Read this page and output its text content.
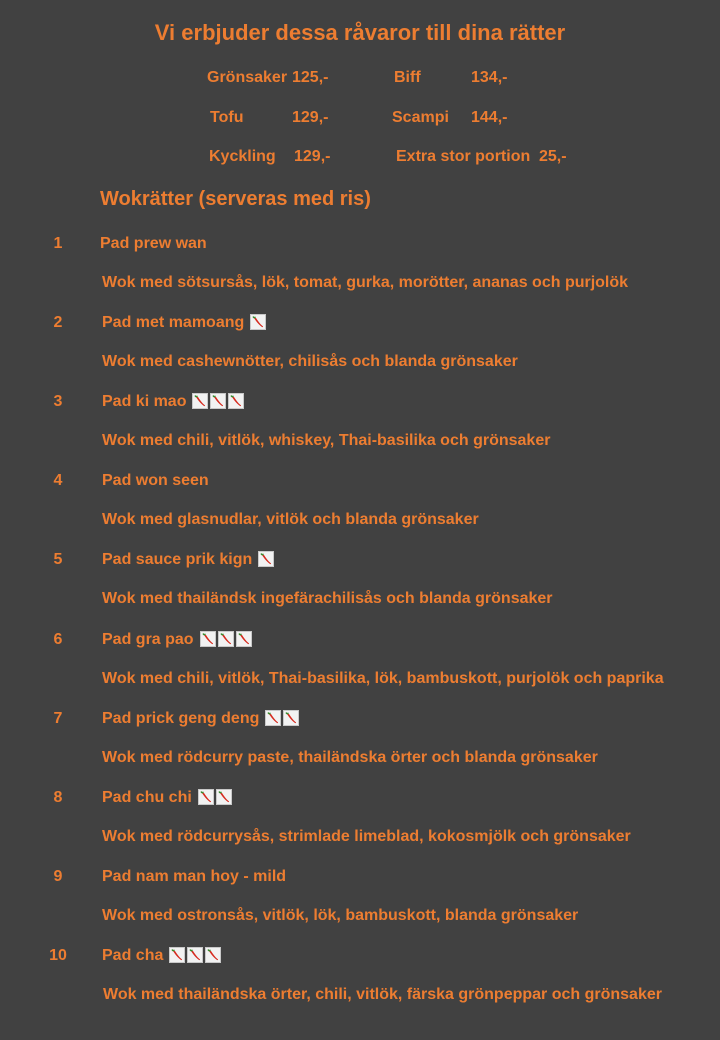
Vi erbjuder dessa råvaror till dina rätter
Grönsaker 125,-	Biff	134,-
Tofu	129,-	Scampi 144,-
Kyckling 129,-	Extra stor portion 25,-
Wokrätter (serveras med ris)
1	Pad prew wan
Wok med sötsursås, lök, tomat, gurka, morötter, ananas och purjolök
2	Pad met mamoang
Wok med cashewnötter, chilisås och blanda grönsaker
3	Pad ki mao
Wok med chili, vitlök, whiskey, Thai-basilika och grönsaker
4	Pad won seen
Wok med glasnudlar, vitlök och blanda grönsaker
5	Pad sauce prik kign
Wok med thailändsk ingefärachilisås och blanda grönsaker
6	Pad gra pao
Wok med chili, vitlök, Thai-basilika, lök, bambuskott, purjolök och paprika
7	Pad prick geng deng
Wok med rödcurry paste, thailändska örter och blanda grönsaker
8	Pad chu chi
Wok med rödcurrysås, strimlade limeblad, kokosmjölk och grönsaker
9	Pad nam man hoy - mild
Wok med ostronsås, vitlök, lök, bambuskott, blanda grönsaker
10	Pad cha
Wok med thailändska örter, chili, vitlök, färska grönpeppar och grönsaker
